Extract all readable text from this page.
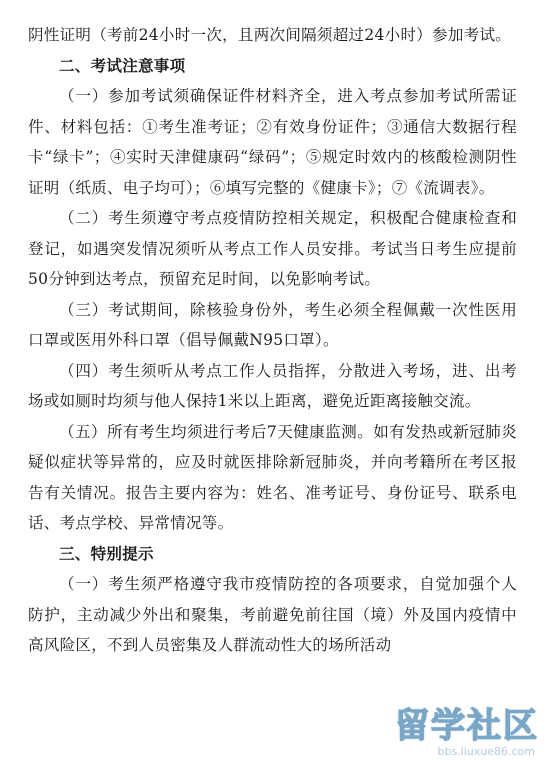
阴性证明（考前24小时一次，且两次间隔须超过24小时）参加考试。

二、考试注意事项

（一）参加考试须确保证件材料齐全，进入考点参加考试所需证件、材料包括：①考生准考证；②有效身份证件；③通信大数据行程卡“绿卡”；④实时天津健康码“绿码”；⑤规定时效内的核酸检测阴性证明（纸质、电子均可）；⑥填写完整的《健康卡》；⑦《流调表》。

（二）考生须遵守考点疫情防控相关规定，积极配合健康检查和登记，如遇突发情况须听从考点工作人员安排。考试当日考生应提前50分钟到达考点，预留充足时间，以免影响考试。

（三）考试期间，除核验身份外，考生必须全程佩戴一次性医用口罩或医用外科口罩（倡导佩戴N95口罩）。

（四）考生须听从考点工作人员指挥，分散进入考场，进、出考场或如厕时均须与他人保持1米以上距离，避免近距离接触交流。

（五）所有考生均须进行考后7天健康监测。如有发热或新冠肺炎疑似症状等异常的，应及时就医排除新冠肺炎，并向考籍所在考区报告有关情况。报告主要内容为：姓名、准考证号、身份证号、联系电话、考点学校、异常情况等。

三、特别提示

（一）考生须严格遵守我市疫情防控的各项要求，自觉加强个人防护，主动减少外出和聚集，考前避免前往国（境）外及国内疫情中高风险区，不到人员密集及人群流动性大的场所活动

留学社区
bbs.liuxue86.com
